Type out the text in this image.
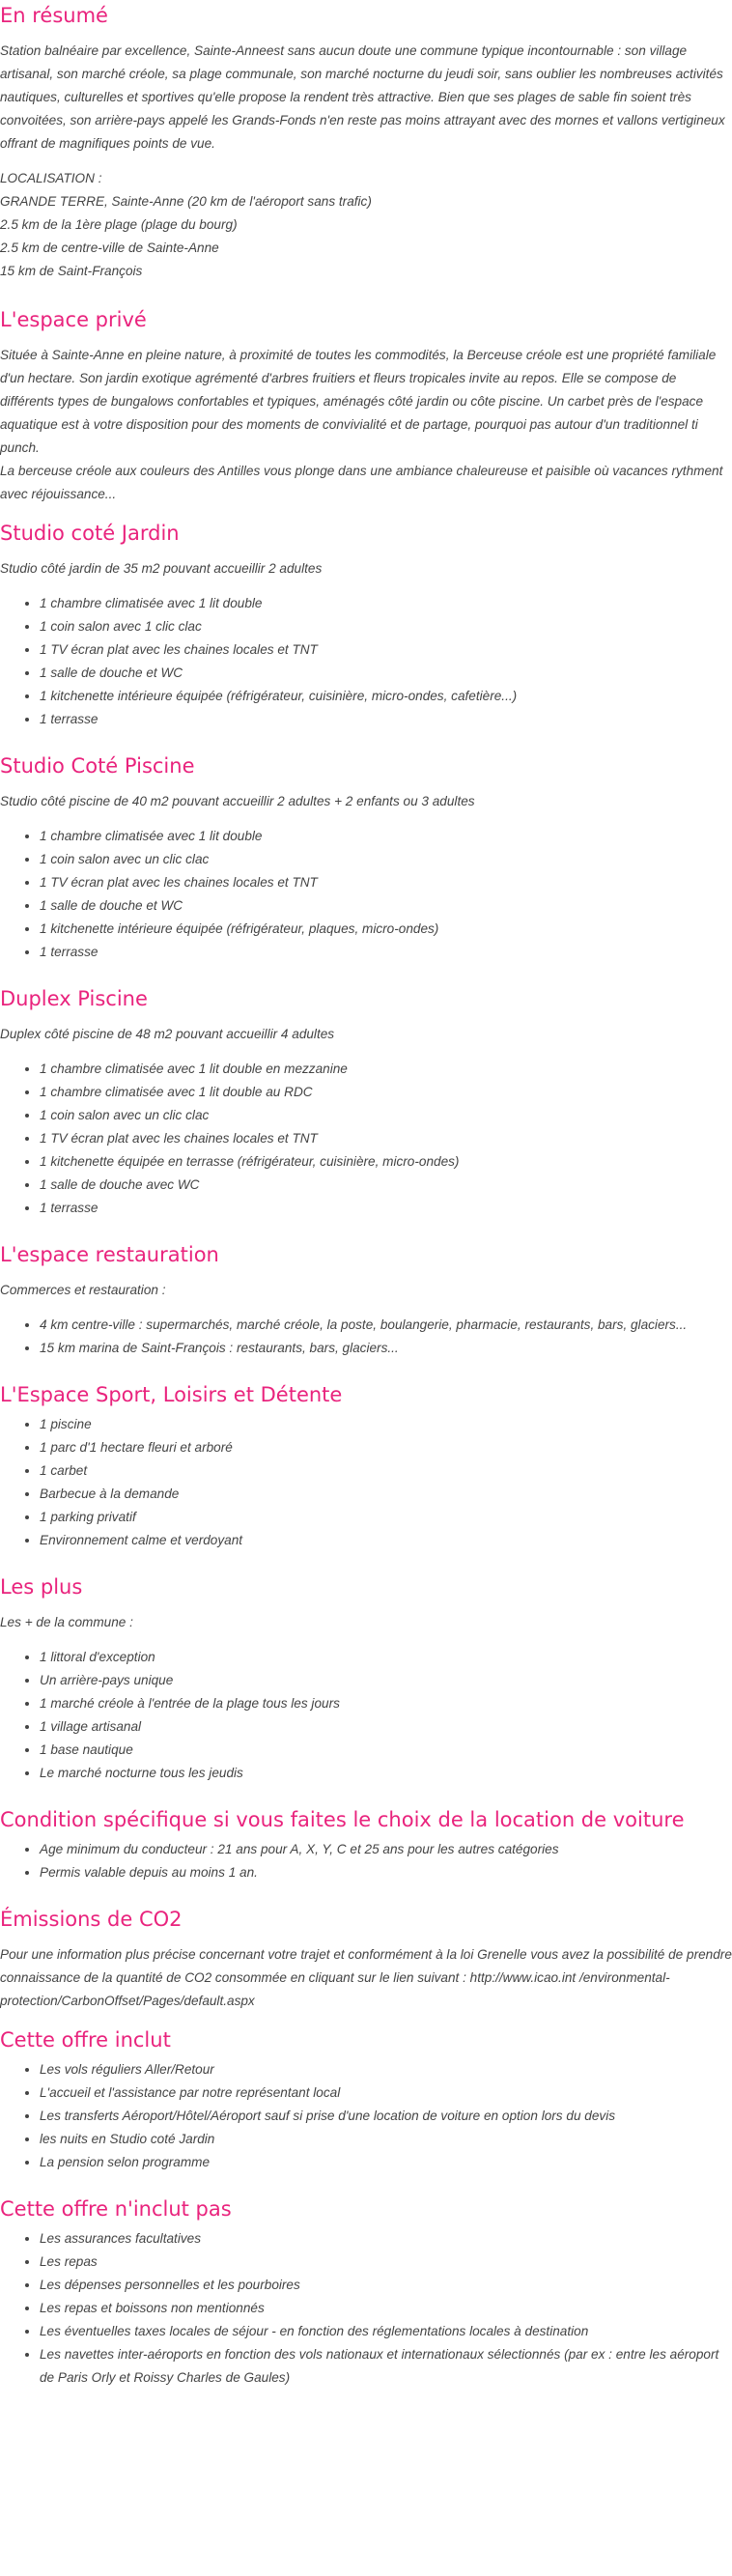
En résumé
Station balnéaire par excellence, Sainte-Anneest sans aucun doute une commune typique incontournable : son village artisanal, son marché créole, sa plage communale, son marché nocturne du jeudi soir, sans oublier les nombreuses activités nautiques, culturelles et sportives qu'elle propose la rendent très attractive. Bien que ses plages de sable fin soient très convoitées, son arrière-pays appelé les Grands-Fonds n'en reste pas moins attrayant avec des mornes et vallons vertigineux offrant de magnifiques points de vue.
LOCALISATION :
GRANDE TERRE, Sainte-Anne (20 km de l'aéroport sans trafic)
2.5 km de la 1ère plage (plage du bourg)
2.5 km de centre-ville de Sainte-Anne
15 km de Saint-François
L'espace privé
Située à Sainte-Anne en pleine nature, à proximité de toutes les commodités, la Berceuse créole est une propriété familiale d'un hectare. Son jardin exotique agrémenté d'arbres fruitiers et fleurs tropicales invite au repos. Elle se compose de différents types de bungalows confortables et typiques, aménagés côté jardin ou côte piscine. Un carbet près de l'espace aquatique est à votre disposition pour des moments de convivialité et de partage, pourquoi pas autour d'un traditionnel ti punch.
La berceuse créole aux couleurs des Antilles vous plonge dans une ambiance chaleureuse et paisible où vacances rythment avec réjouissance...
Studio coté Jardin

Studio côté jardin de 35 m2 pouvant accueillir 2 adultes

• 1 chambre climatisée avec 1 lit double
• 1 coin salon avec 1 clic clac
• 1 TV écran plat avec les chaines locales et TNT
• 1 salle de douche et WC
• 1 kitchenette intérieure équipée (réfrigérateur, cuisinière, micro-ondes, cafetière...)
• 1 terrasse
Studio Coté Piscine

Studio côté piscine de 40 m2 pouvant accueillir 2 adultes + 2 enfants ou 3 adultes

• 1 chambre climatisée avec 1 lit double
• 1 coin salon avec un clic clac
• 1 TV écran plat avec les chaines locales et TNT
• 1 salle de douche et WC
• 1 kitchenette intérieure équipée (réfrigérateur, plaques, micro-ondes)
• 1 terrasse
Duplex Piscine

Duplex côté piscine de 48 m2 pouvant accueillir 4 adultes

• 1 chambre climatisée avec 1 lit double en mezzanine
• 1 chambre climatisée avec 1 lit double au RDC
• 1 coin salon avec un clic clac
• 1 TV écran plat avec les chaines locales et TNT
• 1 kitchenette équipée en terrasse (réfrigérateur, cuisinière, micro-ondes)
• 1 salle de douche avec WC
• 1 terrasse
L'espace restauration

Commerces et restauration :

• 4 km centre-ville : supermarchés, marché créole, la poste, boulangerie, pharmacie, restaurants, bars, glaciers...
• 15 km marina de Saint-François : restaurants, bars, glaciers...
L'Espace Sport, Loisirs et Détente
• 1 piscine
• 1 parc d'1 hectare fleuri et arboré
• 1 carbet
• Barbecue à la demande
• 1 parking privatif
• Environnement calme et verdoyant
Les plus

Les + de la commune :

• 1 littoral d'exception
• Un arrière-pays unique
• 1 marché créole à l'entrée de la plage tous les jours
• 1 village artisanal
• 1 base nautique
• Le marché nocturne tous les jeudis
Condition spécifique si vous faites le choix de la location de voiture
• Age minimum du conducteur : 21 ans pour A, X, Y, C et 25 ans pour les autres catégories
• Permis valable depuis au moins 1 an.
Émissions de CO2
Pour une information plus précise concernant votre trajet et conformément à la loi Grenelle vous avez la possibilité de prendre connaissance de la quantité de CO2 consommée en cliquant sur le lien suivant : http://www.icao.int /environmental-protection/CarbonOffset/Pages/default.aspx
Cette offre inclut
• Les vols réguliers Aller/Retour
• L'accueil et l'assistance par notre représentant local
• Les transferts Aéroport/Hôtel/Aéroport sauf si prise d'une location de voiture en option lors du devis
• les nuits en Studio coté Jardin
• La pension selon programme
Cette offre n'inclut pas
• Les assurances facultatives
• Les repas
• Les dépenses personnelles et les pourboires
• Les repas et boissons non mentionnés
• Les éventuelles taxes locales de séjour - en fonction des réglementations locales à destination
• Les navettes inter-aéroports en fonction des vols nationaux et internationaux sélectionnés (par ex : entre les aéroport de Paris Orly et Roissy Charles de Gaules)
